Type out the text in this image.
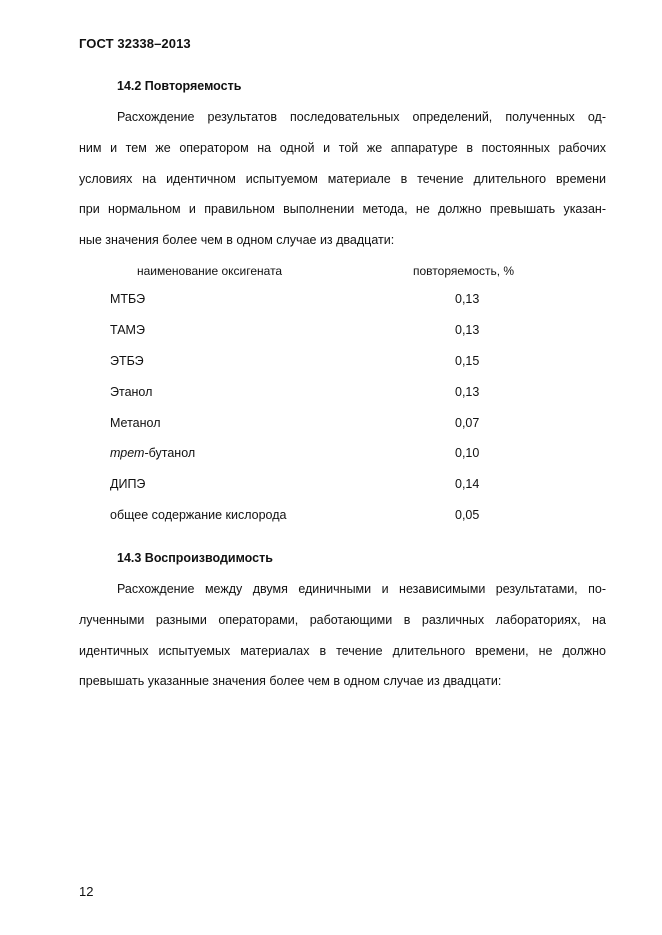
ГОСТ 32338–2013
14.2 Повторяемость
Расхождение результатов последовательных определений, полученных од-
ним и тем же оператором на одной и той же аппаратуре в постоянных рабочих
условиях на идентичном испытуемом материале в течение длительного времени
при нормальном и правильном выполнении метода, не должно превышать указан-
ные значения более чем в одном случае из двадцати:
наименование оксигената	повторяемость, %
МТБЭ	0,13
ТАМЭ	0,13
ЭТБЭ	0,15
Этанол	0,13
Метанол	0,07
трет-бутанол	0,10
ДИПЭ	0,14
общее содержание кислорода	0,05
14.3 Воспроизводимость
Расхождение между двумя единичными и независимыми результатами, по-
лученными разными операторами, работающими в различных лабораториях, на
идентичных испытуемых материалах в течение длительного времени, не должно
превышать указанные значения более чем в одном случае из двадцати:
12
